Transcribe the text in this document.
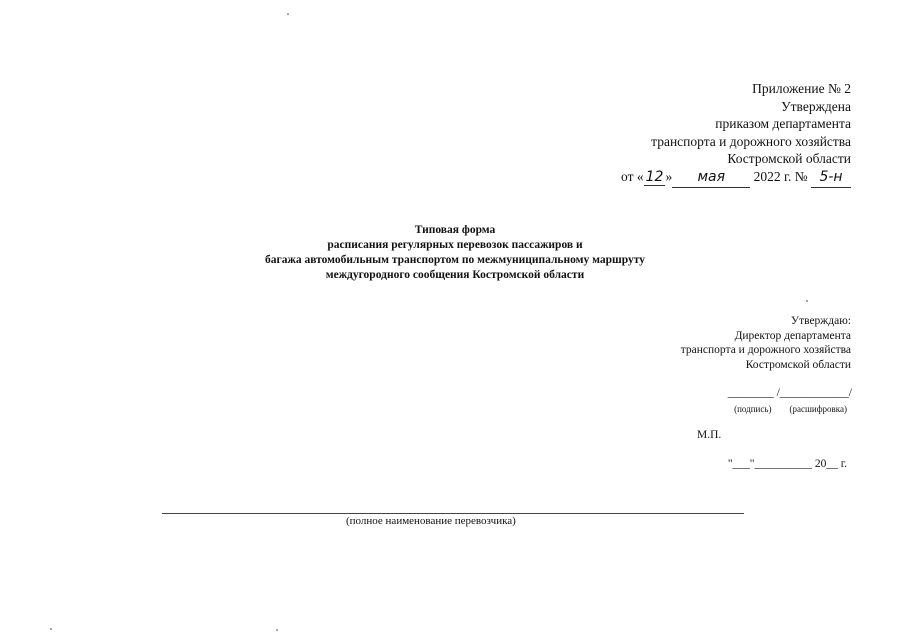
Приложение № 2
Утверждена
приказом департамента
транспорта и дорожного хозяйства
Костромской области
от « 12 » мая 2022 г. № 5-н
Типовая форма
расписания регулярных перевозок пассажиров и
багажа автомобильным транспортом по межмуниципальному маршруту
междугородного сообщения Костромской области
Утверждаю:
Директор департамента
транспорта и дорожного хозяйства
Костромской области
________ /____________/
(подпись)        (расшифровка)
М.П.
"___"__________ 20__ г.
(полное наименование перевозчика)
